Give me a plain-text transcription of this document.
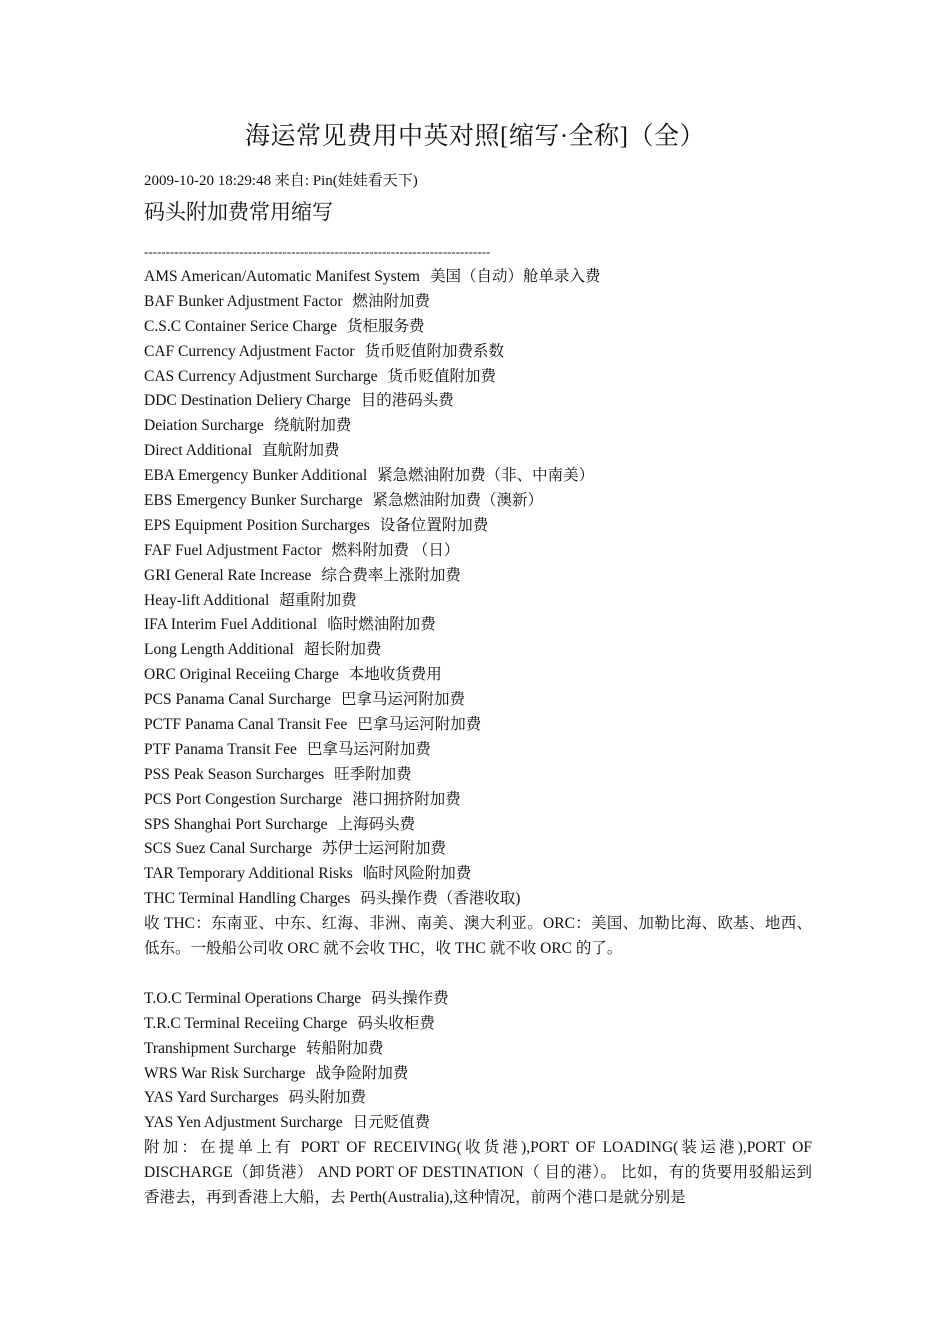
海运常见费用中英对照[缩写·全称]（全）
2009-10-20 18:29:48 来自: Pin(娃娃看天下)
码头附加费常用缩写
--------------------------------------------------------------------------------
AMS American/Automatic Manifest System 美国（自动）舱单录入费
BAF Bunker Adjustment Factor 燃油附加费
C.S.C Container Serice Charge 货柜服务费
CAF Currency Adjustment Factor 货币贬值附加费系数
CAS Currency Adjustment Surcharge 货币贬值附加费
DDC Destination Deliery Charge 目的港码头费
Deiation Surcharge 绕航附加费
Direct Additional 直航附加费
EBA Emergency Bunker Additional 紧急燃油附加费（非、中南美）
EBS Emergency Bunker Surcharge 紧急燃油附加费（澳新）
EPS Equipment Position Surcharges 设备位置附加费
FAF Fuel Adjustment Factor 燃料附加费 （日）
GRI General Rate Increase 综合费率上涨附加费
Heay-lift Additional 超重附加费
IFA Interim Fuel Additional 临时燃油附加费
Long Length Additional 超长附加费
ORC Original Receiing Charge 本地收货费用
PCS Panama Canal Surcharge 巴拿马运河附加费
PCTF Panama Canal Transit Fee 巴拿马运河附加费
PTF Panama Transit Fee 巴拿马运河附加费
PSS Peak Season Surcharges 旺季附加费
PCS Port Congestion Surcharge 港口拥挤附加费
SPS Shanghai Port Surcharge 上海码头费
SCS Suez Canal Surcharge 苏伊士运河附加费
TAR Temporary Additional Risks 临时风险附加费
THC Terminal Handling Charges 码头操作费（香港收取)
收 THC：东南亚、中东、红海、非洲、南美、澳大利亚。ORC：美国、加勒比海、欧基、地西、低东。一般船公司收 ORC 就不会收 THC，收 THC 就不收 ORC 的了。
T.O.C Terminal Operations Charge 码头操作费
T.R.C Terminal Receiing Charge 码头收柜费
Transhipment Surcharge 转船附加费
WRS War Risk Surcharge 战争险附加费
YAS Yard Surcharges 码头附加费
YAS Yen Adjustment Surcharge 日元贬值费
附加：在提单上有 PORT OF RECEIVING(收货港),PORT OF LOADING(装运港),PORT OF DISCHARGE（卸货港） AND PORT OF DESTINATION（ 目的港）。 比如，有的货要用驳船运到香港去，再到香港上大船，去 Perth(Australia),这种情况，前两个港口是就分别是
